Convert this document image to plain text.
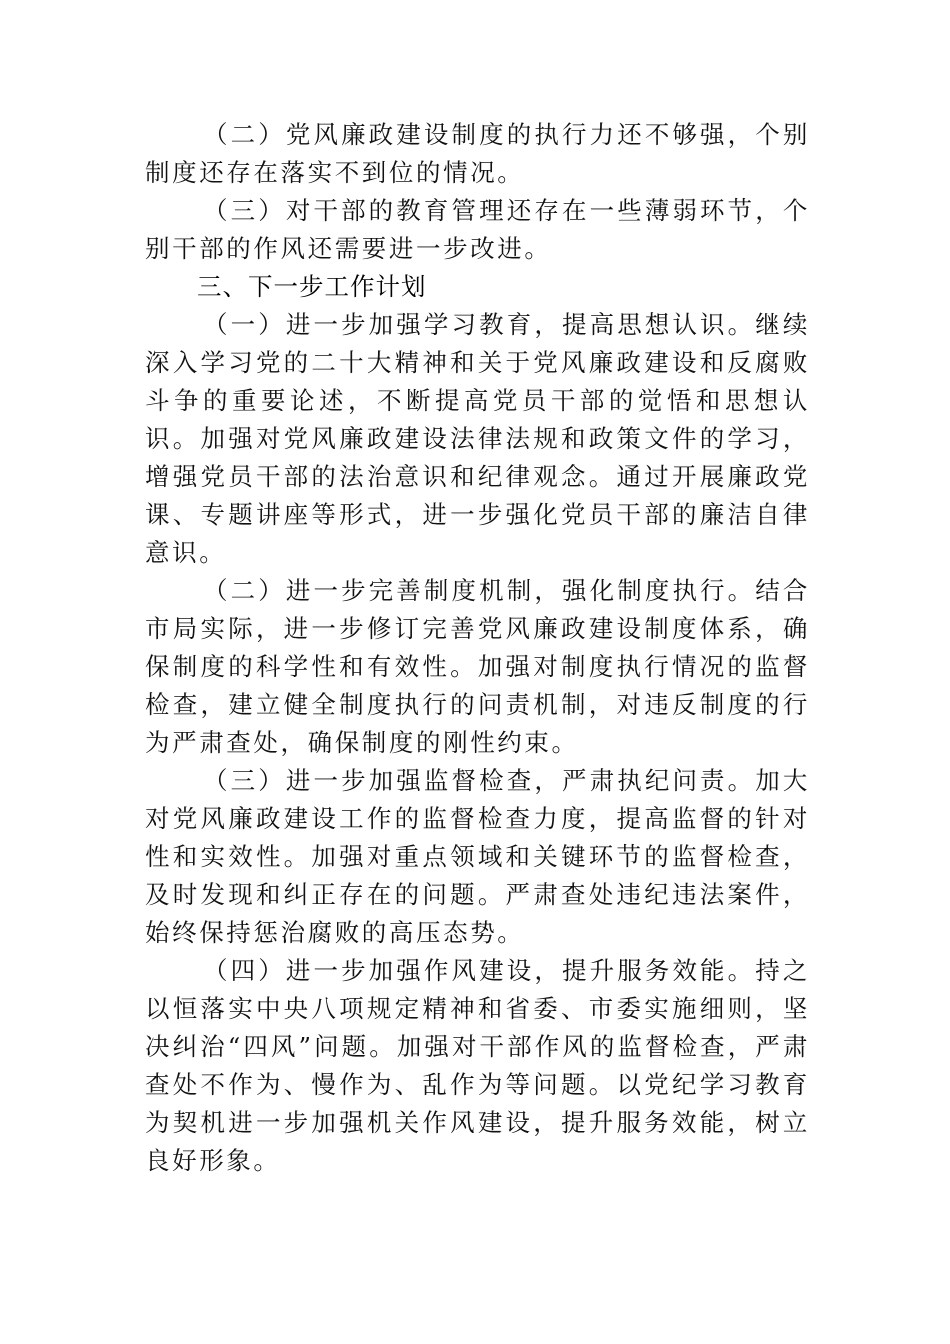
（二）党风廉政建设制度的执行力还不够强，个别制度还存在落实不到位的情况。

（三）对干部的教育管理还存在一些薄弱环节，个别干部的作风还需要进一步改进。

三、下一步工作计划

（一）进一步加强学习教育，提高思想认识。继续深入学习党的二十大精神和关于党风廉政建设和反腐败斗争的重要论述，不断提高党员干部的觉悟和思想认识。加强对党风廉政建设法律法规和政策文件的学习，增强党员干部的法治意识和纪律观念。通过开展廉政党课、专题讲座等形式，进一步强化党员干部的廉洁自律意识。

（二）进一步完善制度机制，强化制度执行。结合市局实际，进一步修订完善党风廉政建设制度体系，确保制度的科学性和有效性。加强对制度执行情况的监督检查，建立健全制度执行的问责机制，对违反制度的行为严肃查处，确保制度的刚性约束。

（三）进一步加强监督检查，严肃执纪问责。加大对党风廉政建设工作的监督检查力度，提高监督的针对性和实效性。加强对重点领域和关键环节的监督检查，及时发现和纠正存在的问题。严肃查处违纪违法案件，始终保持惩治腐败的高压态势。

（四）进一步加强作风建设，提升服务效能。持之以恒落实中央八项规定精神和省委、市委实施细则，坚决纠治“四风”问题。加强对干部作风的监督检查，严肃查处不作为、慢作为、乱作为等问题。以党纪学习教育为契机进一步加强机关作风建设，提升服务效能，树立良好形象。
